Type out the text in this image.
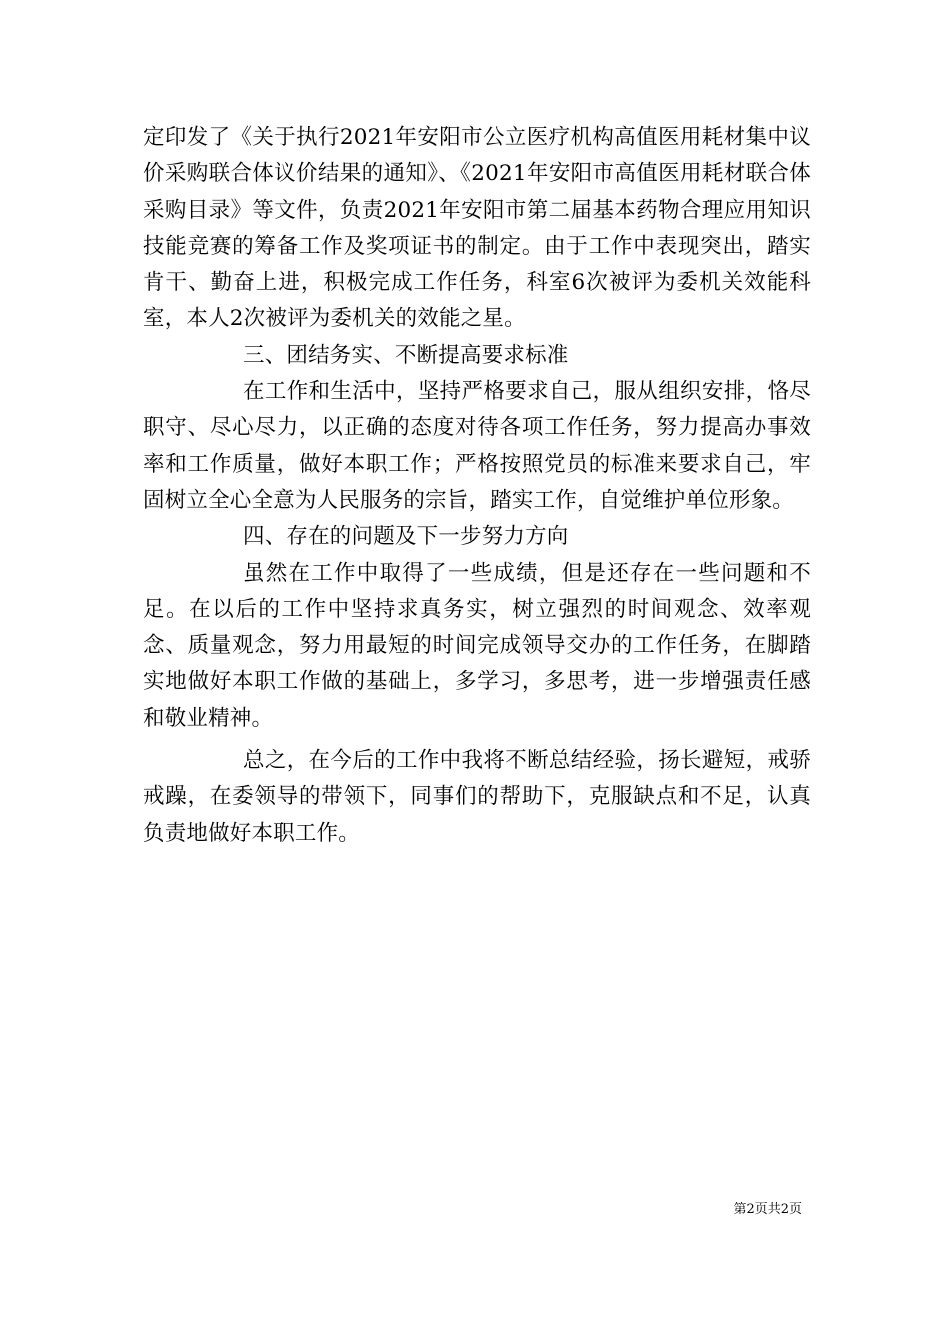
定印发了《关于执行2021年安阳市公立医疗机构高值医用耗材集中议价采购联合体议价结果的通知》、《2021年安阳市高值医用耗材联合体采购目录》等文件，负责2021年安阳市第二届基本药物合理应用知识技能竞赛的筹备工作及奖项证书的制定。由于工作中表现突出，踏实肯干、勤奋上进，积极完成工作任务，科室6次被评为委机关效能科室，本人2次被评为委机关的效能之星。

三、团结务实、不断提高要求标准

在工作和生活中，坚持严格要求自己，服从组织安排，恪尽职守、尽心尽力，以正确的态度对待各项工作任务，努力提高办事效率和工作质量，做好本职工作；严格按照党员的标准来要求自己，牢固树立全心全意为人民服务的宗旨，踏实工作，自觉维护单位形象。

四、存在的问题及下一步努力方向

虽然在工作中取得了一些成绩，但是还存在一些问题和不足。在以后的工作中坚持求真务实，树立强烈的时间观念、效率观念、质量观念，努力用最短的时间完成领导交办的工作任务，在脚踏实地做好本职工作做的基础上，多学习，多思考，进一步增强责任感和敬业精神。

总之，在今后的工作中我将不断总结经验，扬长避短，戒骄戒躁，在委领导的带领下，同事们的帮助下，克服缺点和不足，认真负责地做好本职工作。

第2页共2页
